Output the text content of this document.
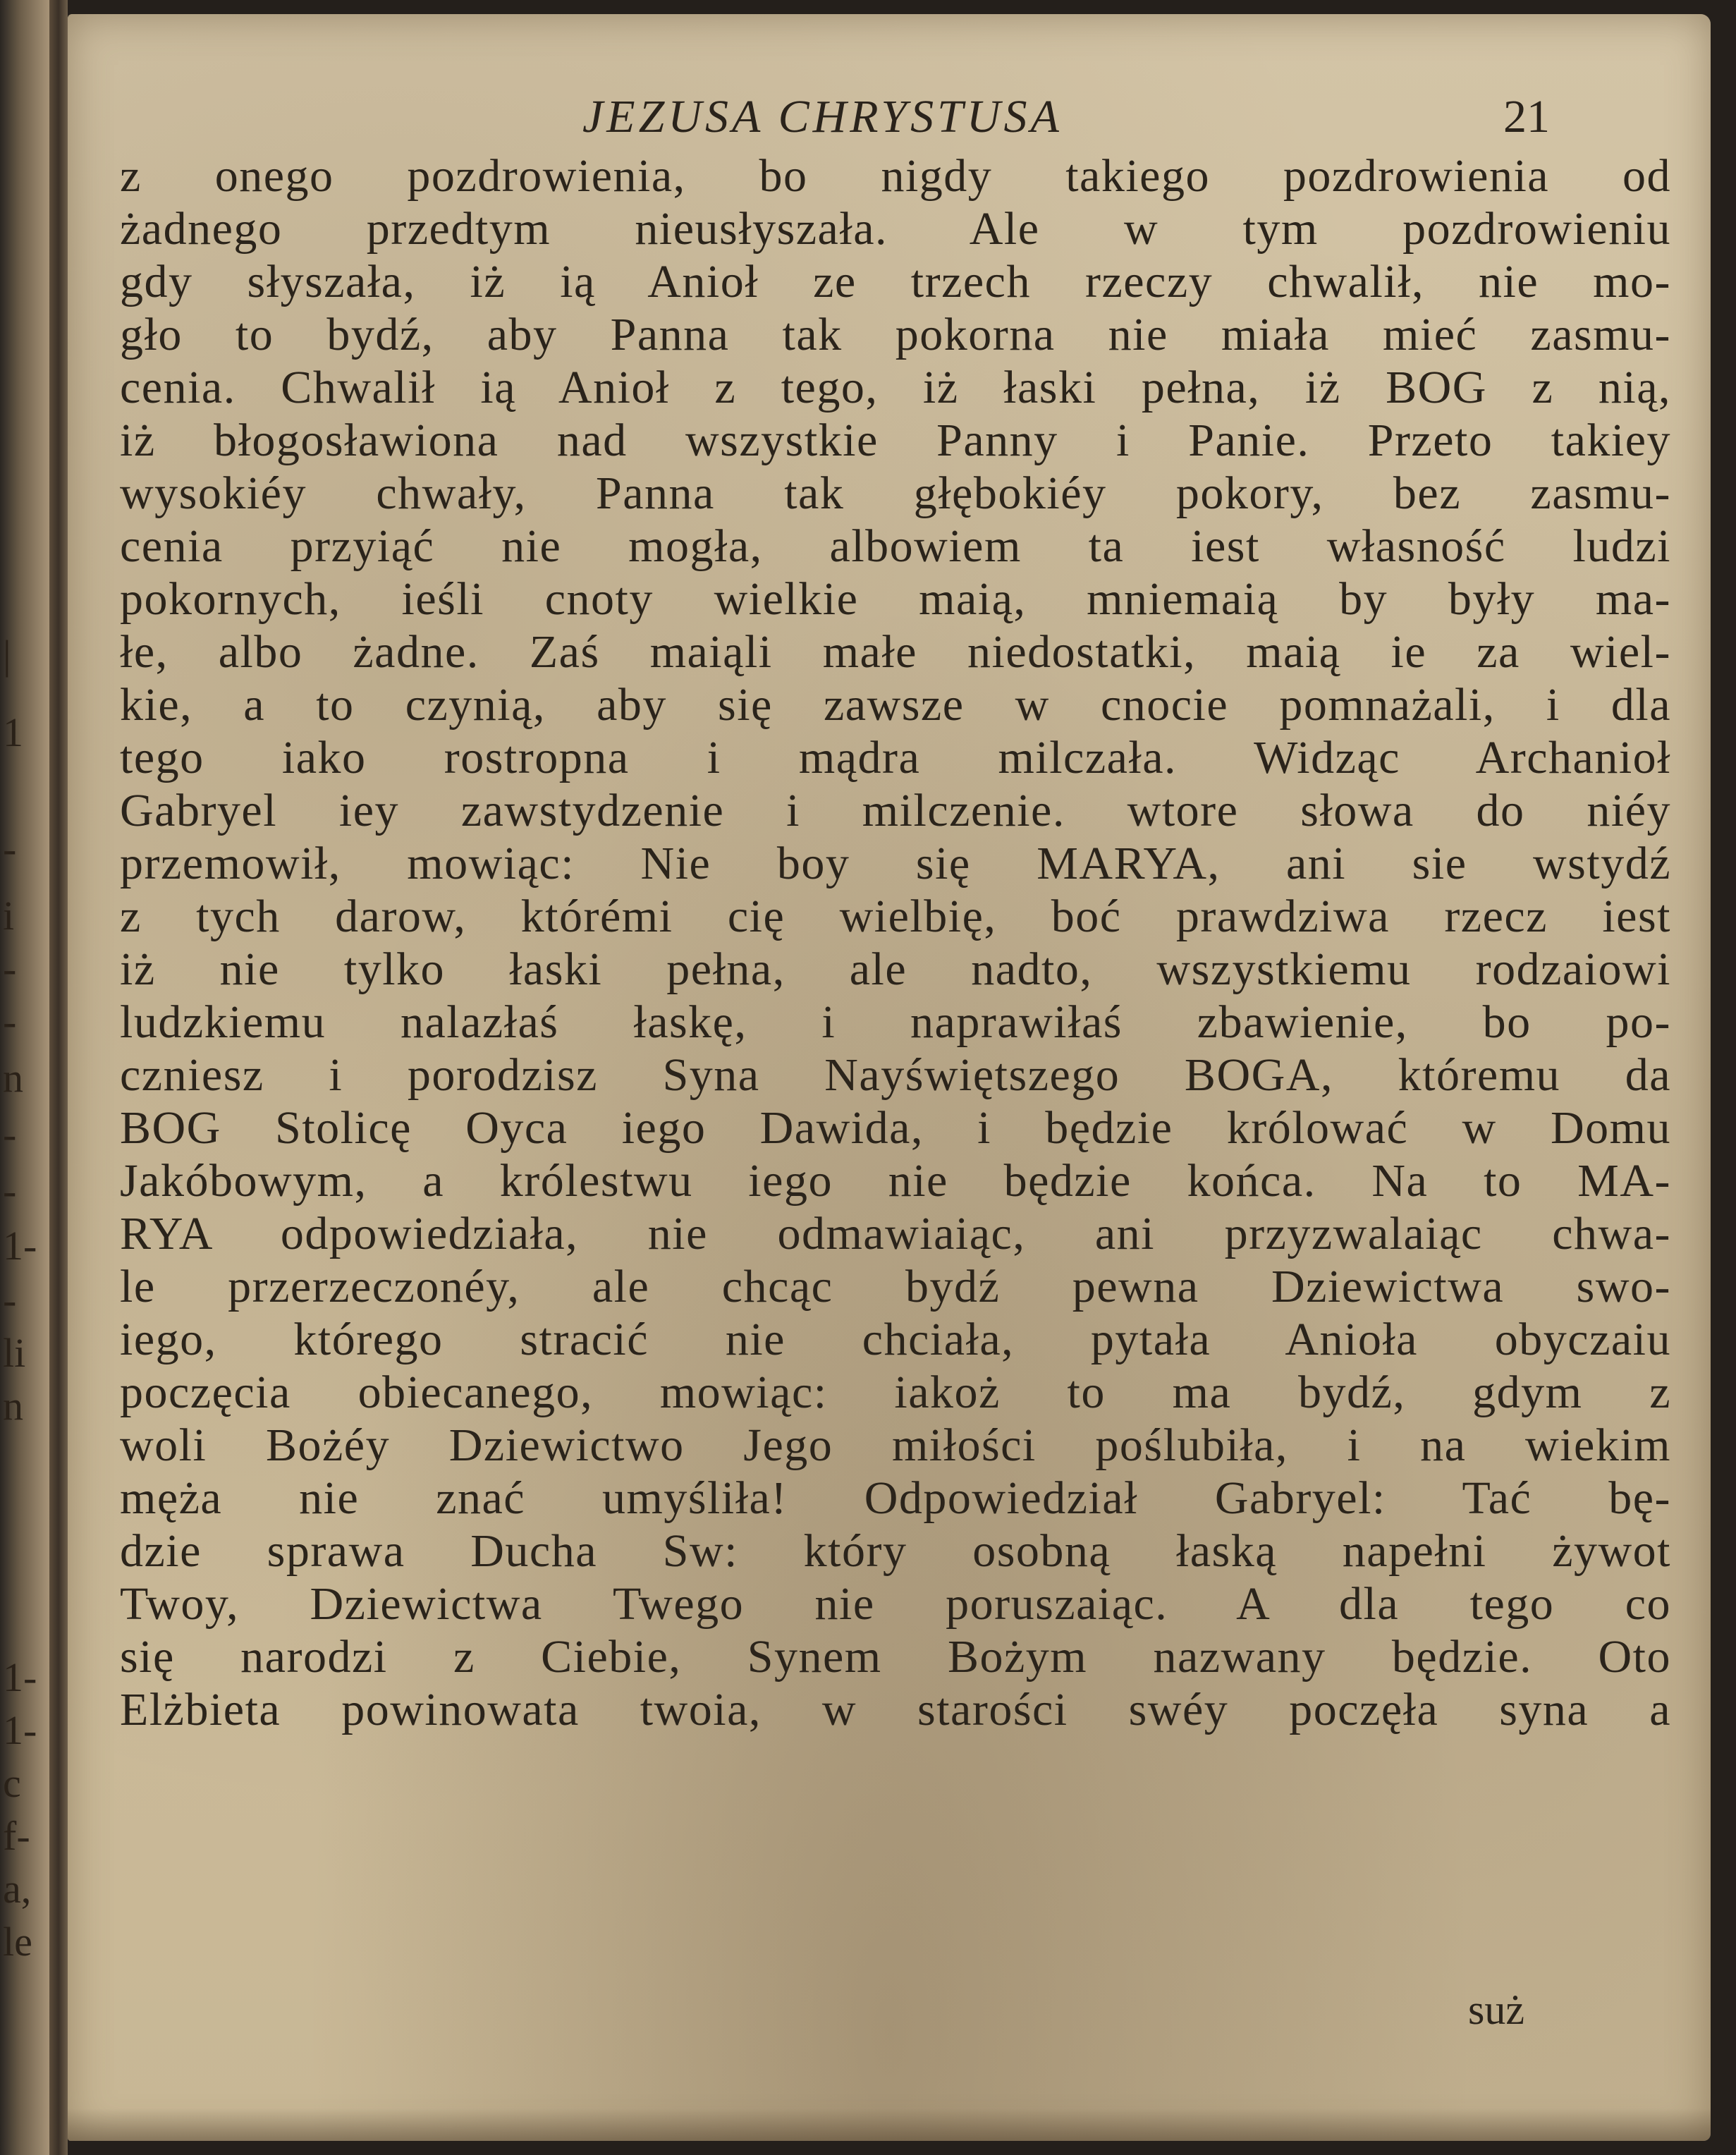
|
1
-
i
-
-
n
-
-
1-
-
li
n
1-
1-
c
f-
a,
le
JEZUSA CHRYSTUSA	21
z onego pozdrowienia, bo nigdy takiego pozdrowienia od
żadnego przedtym nieusłyszała. Ale w tym pozdrowieniu
gdy słyszała, iż ią Anioł ze trzech rzeczy chwalił, nie mo-
gło to bydź, aby Panna tak pokorna nie miała mieć zasmu-
cenia. Chwalił ią Anioł z tego, iż łaski pełna, iż BOG z nią,
iż błogosławiona nad wszystkie Panny i Panie. Przeto takiey
wysokiéy chwały, Panna tak głębokiéy pokory, bez zasmu-
cenia przyiąć nie mogła, albowiem ta iest własność ludzi
pokornych, ieśli cnoty wielkie maią, mniemaią by były ma-
łe, albo żadne. Zaś maiąli małe niedostatki, maią ie za wiel-
kie, a to czynią, aby się zawsze w cnocie pomnażali, i dla
tego iako rostropna i mądra milczała. Widząc Archanioł
Gabryel iey zawstydzenie i milczenie. wtore słowa do niéy
przemowił, mowiąc: Nie boy się MARYA, ani sie wstydź
z tych darow, którémi cię wielbię, boć prawdziwa rzecz iest
iż nie tylko łaski pełna, ale nadto, wszystkiemu rodzaiowi
ludzkiemu nalazłaś łaskę, i naprawiłaś zbawienie, bo po-
czniesz i porodzisz Syna Nayświętszego BOGA, któremu da
BOG Stolicę Oyca iego Dawida, i będzie królować w Domu
Jakóbowym, a królestwu iego nie będzie końca. Na to MA-
RYA odpowiedziała, nie odmawiaiąc, ani przyzwalaiąc chwa-
le przerzeczonéy, ale chcąc bydź pewna Dziewictwa swo-
iego, którego stracić nie chciała, pytała Anioła obyczaiu
poczęcia obiecanego, mowiąc: iakoż to ma bydź, gdym z
woli Bożéy Dziewictwo Jego miłości poślubiła, i na wiekim
męża nie znać umyśliła! Odpowiedział Gabryel: Tać bę-
dzie sprawa Ducha Sw: który osobną łaską napełni żywot
Twoy, Dziewictwa Twego nie poruszaiąc. A dla tego co
się narodzi z Ciebie, Synem Bożym nazwany będzie. Oto
Elżbieta powinowata twoia, w starości swéy poczęła syna a
suż
